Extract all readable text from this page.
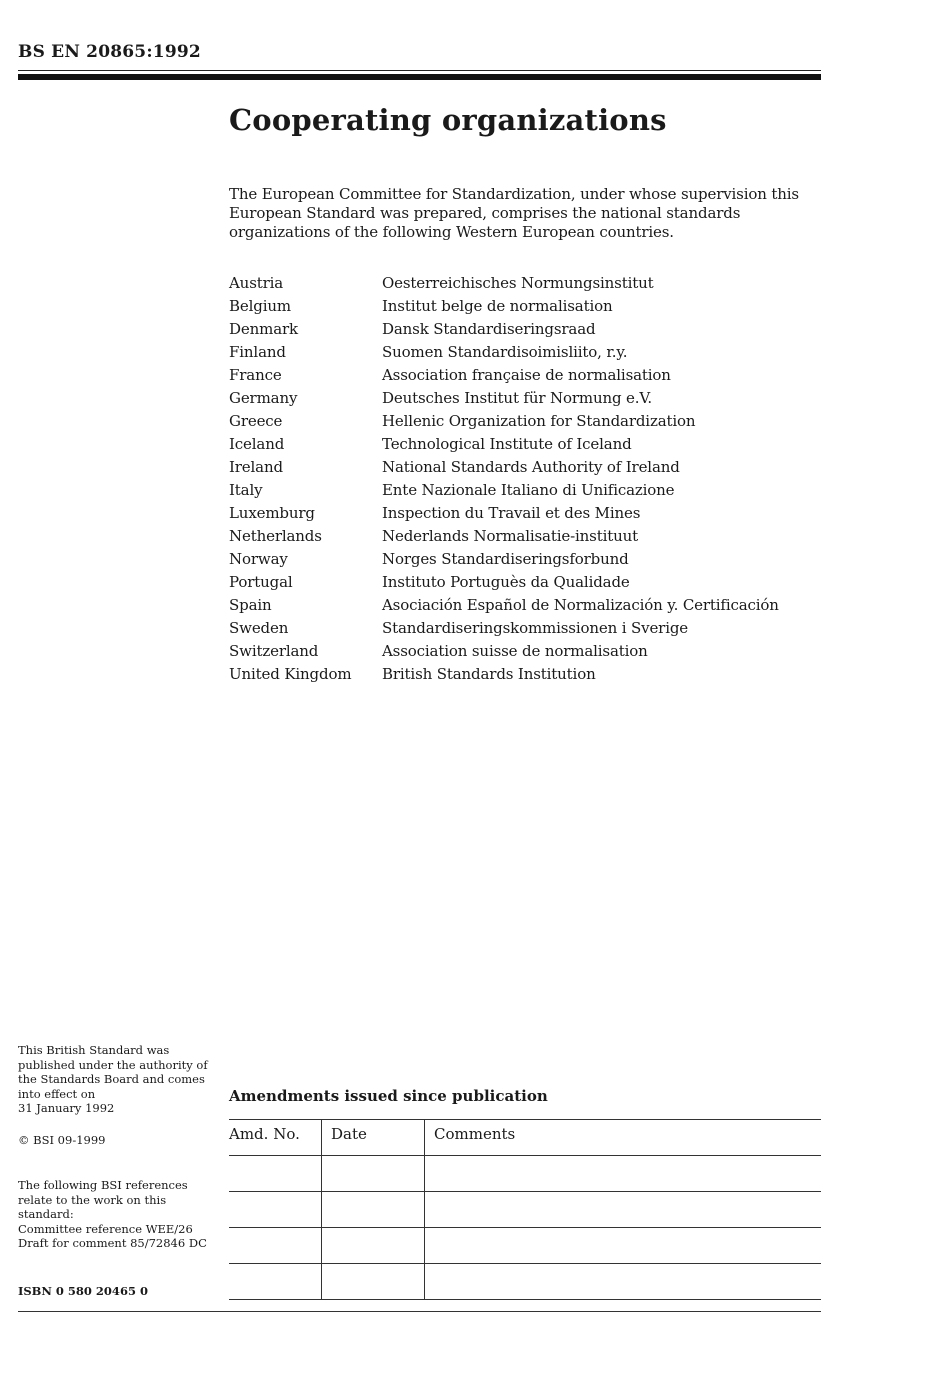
BS EN 20865:1992
Cooperating organizations
The European Committee for Standardization, under whose supervision this European Standard was prepared, comprises the national standards organizations of the following Western European countries.
Austria	Oesterreichisches Normungsinstitut
Belgium	Institut belge de normalisation
Denmark	Dansk Standardiseringsraad
Finland	Suomen Standardisoimisliito, r.y.
France	Association française de normalisation
Germany	Deutsches Institut für Normung e.V.
Greece	Hellenic Organization for Standardization
Iceland	Technological Institute of Iceland
Ireland	National Standards Authority of Ireland
Italy	Ente Nazionale Italiano di Unificazione
Luxemburg	Inspection du Travail et des Mines
Netherlands	Nederlands Normalisatie-instituut
Norway	Norges Standardiseringsforbund
Portugal	Instituto Portuguès da Qualidade
Spain	Asociación Español de Normalización y. Certificación
Sweden	Standardiseringskommissionen i Sverige
Switzerland	Association suisse de normalisation
United Kingdom	British Standards Institution
This British Standard was
published under the authority of
the Standards Board and comes
into effect on
31 January 1992
© BSI 09-1999
The following BSI references
relate to the work on this
standard:
Committee reference WEE/26
Draft for comment 85/72846 DC
ISBN 0 580 20465 0
Amendments issued since publication
Amd. No.	Date	Comments
